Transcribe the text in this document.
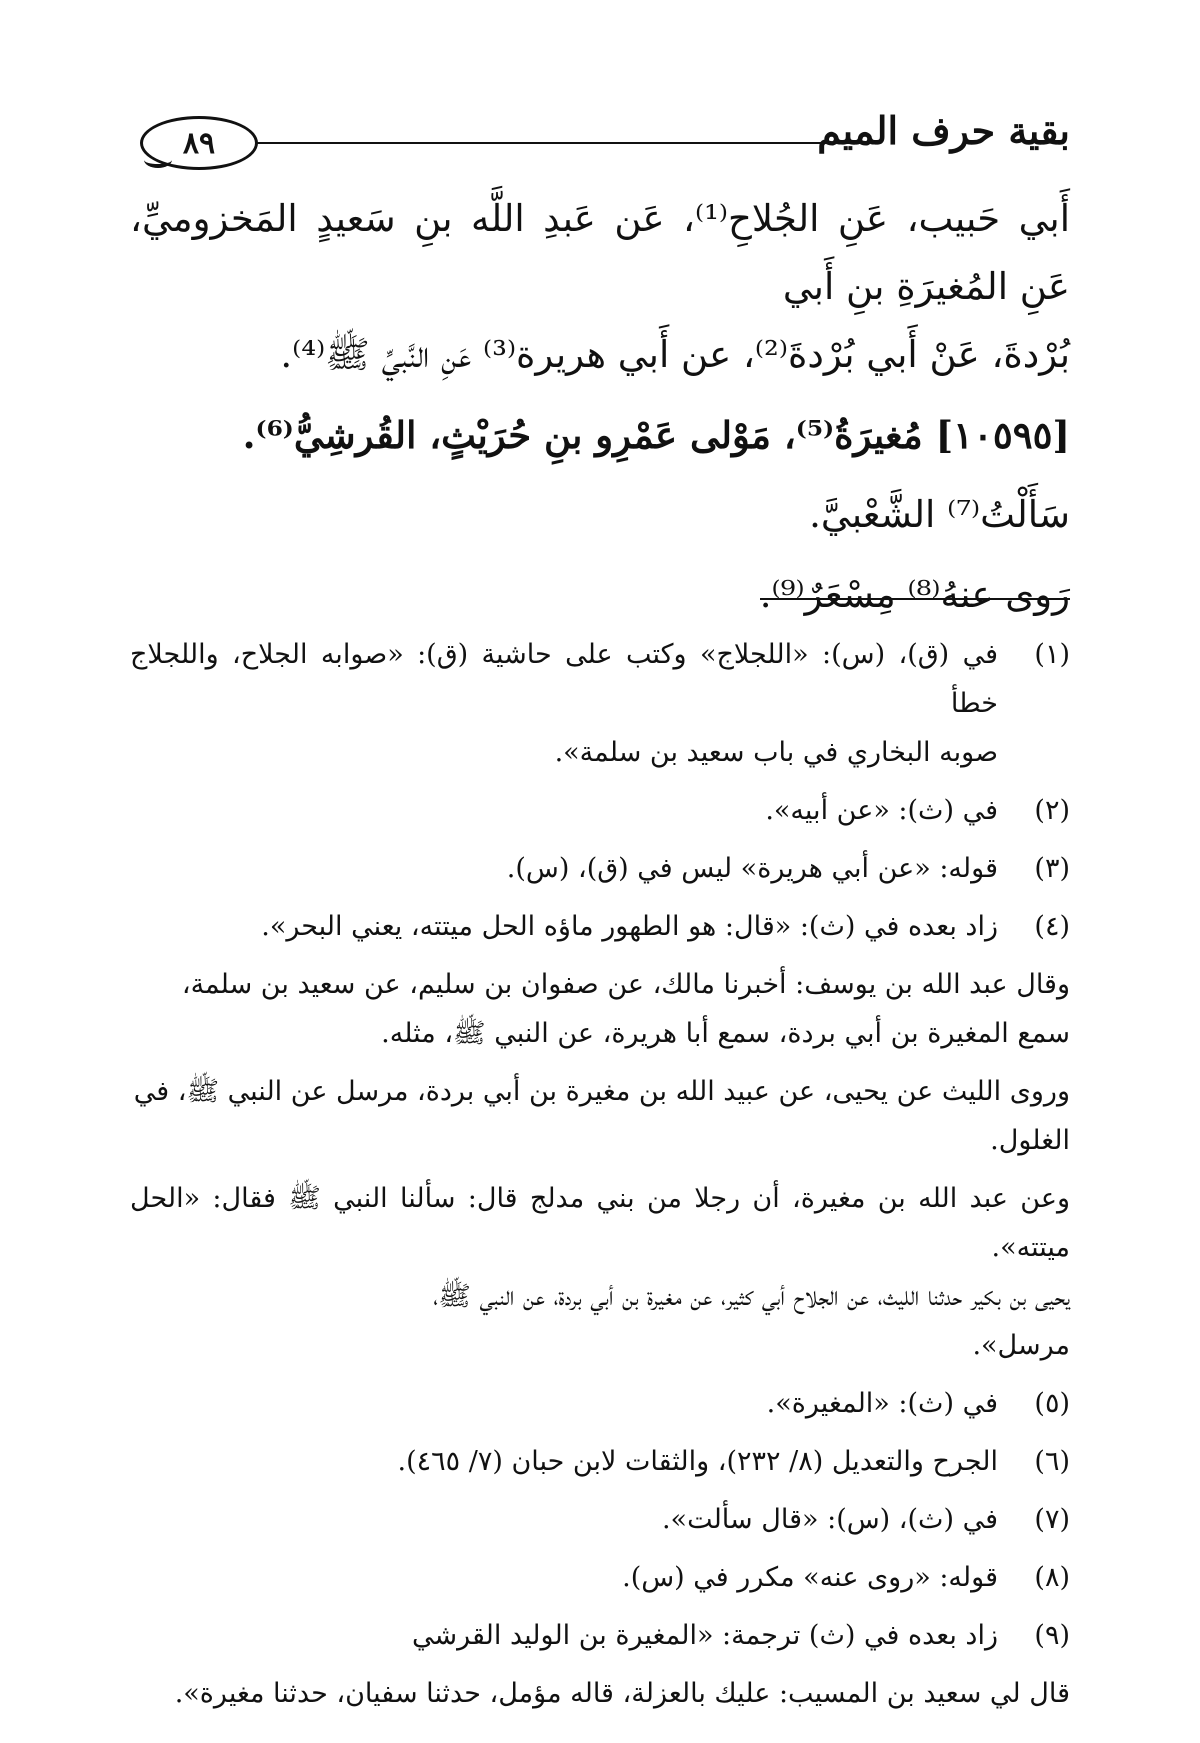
بقية حرف الميم
٨٩

أَبي حَبيب، عَنِ الجُلاحِ⁽¹⁾، عَن عَبدِ اللَّه بنِ سَعيدٍ المَخزوميِّ، عَنِ المُغيرَةِ بنِ أَبي

بُرْدةَ، عَنْ أَبي بُرْدةَ⁽²⁾، عن أَبي هريرة⁽³⁾ عَنِ النَّبيِّ ﷺ⁽⁴⁾.

[١٠٥٩٥] مُغيرَةُ⁽⁵⁾، مَوْلى عَمْرِو بنِ حُرَيْثٍ، القُرشِيُّ⁽⁶⁾.

سَأَلْتُ⁽⁷⁾ الشَّعْبيَّ.

رَوى عنهُ⁽⁸⁾ مِسْعَرٌ⁽⁹⁾.

(١)
في (ق)، (س): «اللجلاج» وكتب على حاشية (ق): «صوابه الجلاح، واللجلاج خطأ
صوبه البخاري في باب سعيد بن سلمة».
(٢)
في (ث): «عن أبيه».
(٣)
قوله: «عن أبي هريرة» ليس في (ق)، (س).
(٤)
زاد بعده في (ث): «قال: هو الطهور ماؤه الحل ميتته، يعني البحر».
وقال عبد الله بن يوسف: أخبرنا مالك، عن صفوان بن سليم، عن سعيد بن سلمة،
سمع المغيرة بن أبي بردة، سمع أبا هريرة، عن النبي ﷺ، مثله.
وروى الليث عن يحيى، عن عبيد الله بن مغيرة بن أبي بردة، مرسل عن النبي ﷺ، في
الغلول.
وعن عبد الله بن مغيرة، أن رجلا من بني مدلج قال: سألنا النبي ﷺ فقال: «الحل ميتته».
يحيى بن بكير حدثنا الليث، عن الجلاح أبي كثير، عن مغيرة بن أبي بردة، عن النبي ﷺ،
مرسل».
(٥)
في (ث): «المغيرة».
(٦)
الجرح والتعديل (٨/ ٢٣٢)، والثقات لابن حبان (٧/ ٤٦٥).
(٧)
في (ث)، (س): «قال سألت».
(٨)
قوله: «روى عنه» مكرر في (س).
(٩)
زاد بعده في (ث) ترجمة: «المغيرة بن الوليد القرشي
قال لي سعيد بن المسيب: عليك بالعزلة، قاله مؤمل، حدثنا سفيان، حدثنا مغيرة».
